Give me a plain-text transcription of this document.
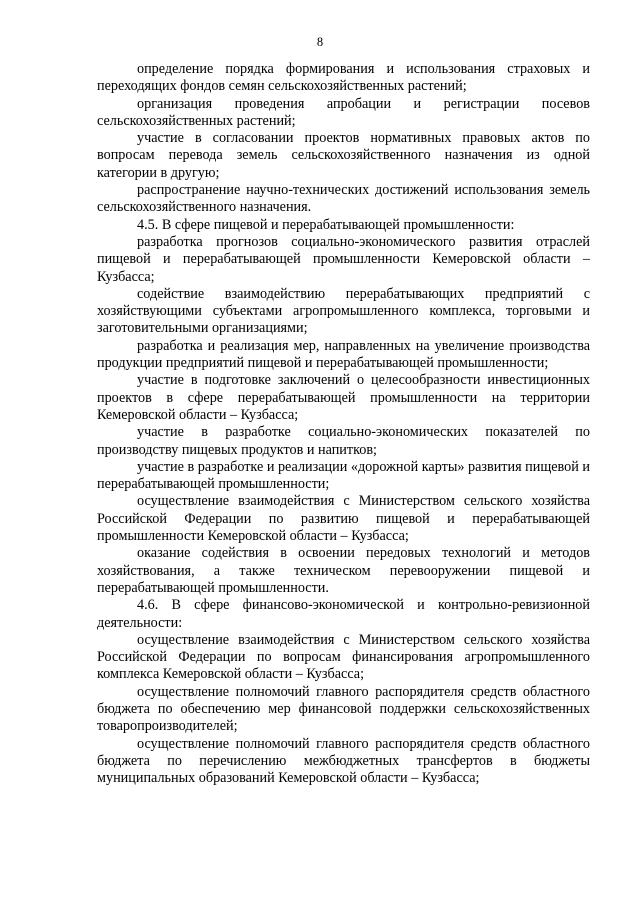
8

определение порядка формирования и использования страховых и переходящих фондов семян сельскохозяйственных растений;

организация проведения апробации и регистрации посевов сельскохозяйственных растений;

участие в согласовании проектов нормативных правовых актов по вопросам перевода земель сельскохозяйственного назначения из одной категории в другую;

распространение научно-технических достижений использования земель сельскохозяйственного назначения.

4.5. В сфере пищевой и перерабатывающей промышленности:

разработка прогнозов социально-экономического развития отраслей пищевой и перерабатывающей промышленности Кемеровской области – Кузбасса;

содействие взаимодействию перерабатывающих предприятий с хозяйствующими субъектами агропромышленного комплекса, торговыми и заготовительными организациями;

разработка и реализация мер, направленных на увеличение производства продукции предприятий пищевой и перерабатывающей промышленности;

участие в подготовке заключений о целесообразности инвестиционных проектов в сфере перерабатывающей промышленности на территории Кемеровской области – Кузбасса;

участие в разработке социально-экономических показателей по производству пищевых продуктов и напитков;

участие в разработке и реализации «дорожной карты» развития пищевой и перерабатывающей промышленности;

осуществление взаимодействия с Министерством сельского хозяйства Российской Федерации по развитию пищевой и перерабатывающей промышленности Кемеровской области – Кузбасса;

оказание содействия в освоении передовых технологий и методов хозяйствования, а также техническом перевооружении пищевой и перерабатывающей промышленности.

4.6. В сфере финансово-экономической и контрольно-ревизионной деятельности:

осуществление взаимодействия с Министерством сельского хозяйства Российской Федерации по вопросам финансирования агропромышленного комплекса Кемеровской области – Кузбасса;

осуществление полномочий главного распорядителя средств областного бюджета по обеспечению мер финансовой поддержки сельскохозяйственных товаропроизводителей;

осуществление полномочий главного распорядителя средств областного бюджета по перечислению межбюджетных трансфертов в бюджеты муниципальных образований Кемеровской области – Кузбасса;
